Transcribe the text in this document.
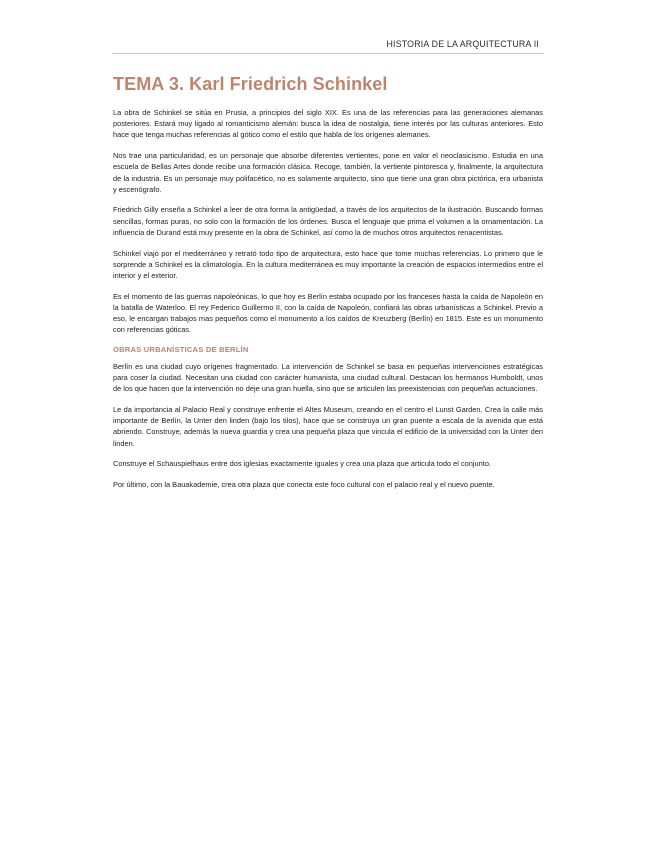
HISTORIA DE LA ARQUITECTURA II
TEMA 3. Karl Friedrich Schinkel

La obra de Schinkel se sitúa en Prusia, a principios del siglo XIX. Es una de las referencias para las generaciones alemanas posteriores. Estará muy ligado al romanticismo alemán: busca la idea de nostalgia, tiene interés por las culturas anteriores. Esto hace que tenga muchas referencias al gótico como el estilo que habla de los orígenes alemanes.

Nos trae una particularidad, es un personaje que absorbe diferentes vertientes, pone en valor el neoclasicismo. Estudia en una escuela de Bellas Artes donde recibe una formación clásica. Recoge, también, la vertiente pintoresca y, finalmente, la arquitectura de la industria. Es un personaje muy polifacético, no es solamente arquitecto, sino que tiene una gran obra pictórica, era urbanista y escenógrafo.

Friedrich Gilly enseña a Schinkel a leer de otra forma la antigüedad, a través de los arquitectos de la ilustración. Buscando formas sencillas, formas puras, no solo con la formación de los órdenes. Busca el lenguaje que prima el volumen a la ornamentación. La influencia de Durand está muy presente en la obra de Schinkel, así como la de muchos otros arquitectos renacentistas.

Schinkel viajó por el mediterráneo y retrató todo tipo de arquitectura, esto hace que tome muchas referencias. Lo primero que le sorprende a Schinkel es la climatología. En la cultura mediterránea es muy importante la creación de espacios intermedios entre el interior y el exterior.

Es el momento de las guerras napoleónicas, lo que hoy es Berlín estaba ocupado por los franceses hasta la caída de Napoleón en la batalla de Waterloo. El rey Federico Guillermo II, con la caída de Napoleón, confiará las obras urbanísticas a Schinkel. Previo a eso, le encargan trabajos mas pequeños como el monumento a los caídos de Kreuzberg (Berlín) en 1815. Este es un monumento con referencias góticas.

OBRAS URBANÍSTICAS DE BERLÍN

Berlín es una ciudad cuyo orígenes fragmentado. La intervención de Schinkel se basa en pequeñas intervenciones estratégicas para coser la ciudad. Necesitan una ciudad con carácter humanista, una ciudad cultural. Destacan los hermanos Humboldt, unos de los que hacen que la intervención no deje una gran huella, sino que se articulen las preexistencias con pequeñas actuaciones.

Le da importancia al Palacio Real y construye enfrente el Altes Museum, creando en el centro el Lunst Garden. Crea la calle más importante de Berlín, la Unter den linden (bajo los tilos), hace que se construya un gran puente a escala de la avenida que está abriendo. Construye, además la nueva guardia y crea una pequeña plaza que vincula el edificio de la universidad con la Unter den linden.

Construye el Schauspielhaus entre dos iglesias exactamente iguales y crea una plaza que articula todo el conjunto.

Por último, con la Bauakademie, crea otra plaza que conecta este foco cultural con el palacio real y el nuevo puente.
